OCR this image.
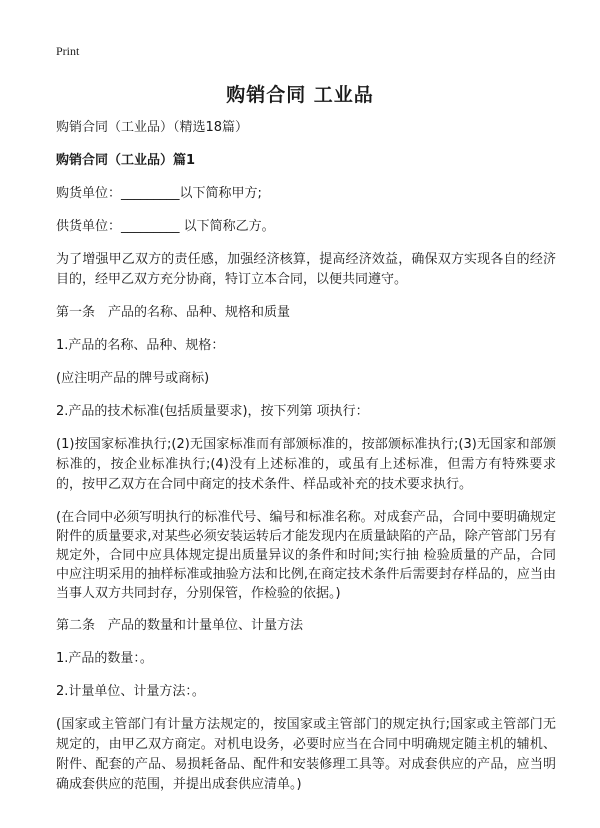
Print
购销合同 工业品

购销合同（工业品）（精选18篇）

购销合同（工业品）篇1

购货单位：_________以下简称甲方;

供货单位：_________ 以下简称乙方。

为了增强甲乙双方的责任感，加强经济核算，提高经济效益，确保双方实现各自的经济目的，经甲乙双方充分协商，特订立本合同，以便共同遵守。

第一条　产品的名称、品种、规格和质量

1.产品的名称、品种、规格：

(应注明产品的牌号或商标)

2.产品的技术标准(包括质量要求)，按下列第 项执行：

(1)按国家标准执行;(2)无国家标准而有部颁标准的，按部颁标准执行;(3)无国家和部颁标准的，按企业标准执行;(4)没有上述标准的，或虽有上述标准，但需方有特殊要求的，按甲乙双方在合同中商定的技术条件、样品或补充的技术要求执行。

(在合同中必须写明执行的标准代号、编号和标准名称。对成套产品，合同中要明确规定附件的质量要求,对某些必须安装运转后才能发现内在质量缺陷的产品，除产管部门另有规定外，合同中应具体规定提出质量异议的条件和时间;实行抽 检验质量的产品，合同中应注明采用的抽样标准或抽验方法和比例,在商定技术条件后需要封存样品的，应当由当事人双方共同封存，分别保管，作检验的依据。)

第二条　产品的数量和计量单位、计量方法

1.产品的数量：。

2.计量单位、计量方法：。

(国家或主管部门有计量方法规定的，按国家或主管部门的规定执行;国家或主管部门无规定的，由甲乙双方商定。对机电设务，必要时应当在合同中明确规定随主机的辅机、附件、配套的产品、易损耗备品、配件和安装修理工具等。对成套供应的产品，应当明确成套供应的范围，并提出成套供应清单。)
